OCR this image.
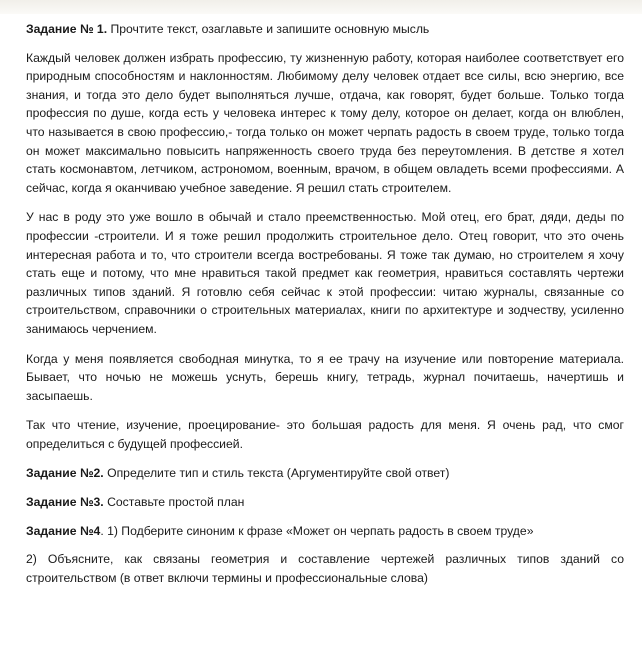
Задание № 1. Прочтите текст, озаглавьте и запишите основную мысль

Каждый человек должен избрать профессию, ту жизненную работу, которая наиболее соответствует его природным способностям и наклонностям. Любимому делу человек отдает все силы, всю энергию, все знания, и тогда это дело будет выполняться лучше, отдача, как говорят, будет больше. Только тогда профессия по душе, когда есть у человека интерес к тому делу, которое он делает, когда он влюблен, что называется в свою профессию,- тогда только он может черпать радость в своем труде, только тогда он может максимально повысить напряженность своего труда без переутомления. В детстве я хотел стать космонавтом, летчиком, астрономом, военным, врачом, в общем овладеть всеми профессиями. А сейчас, когда я оканчиваю учебное заведение. Я решил стать строителем.

У нас в роду это уже вошло в обычай и стало преемственностью. Мой отец, его брат, дяди, деды по профессии -строители. И я тоже решил продолжить строительное дело. Отец говорит, что это очень интересная работа и то, что строители всегда востребованы. Я тоже так думаю, но строителем я хочу стать еще и потому, что мне нравиться такой предмет как геометрия, нравиться составлять чертежи различных типов зданий. Я готовлю себя сейчас к этой профессии: читаю журналы, связанные со строительством, справочники о строительных материалах, книги по архитектуре и зодчеству, усиленно занимаюсь черчением.

Когда у меня появляется свободная минутка, то я ее трачу на изучение или повторение материала. Бывает, что ночью не можешь уснуть, берешь книгу, тетрадь, журнал почитаешь, начертишь и засыпаешь.

Так что чтение, изучение, проецирование- это большая радость для меня. Я очень рад, что смог определиться с будущей профессией.

Задание №2. Определите тип и стиль текста (Аргументируйте свой ответ)

Задание №3. Составьте простой план

Задание №4. 1) Подберите синоним к фразе «Может он черпать радость в своем труде»

2) Объясните, как связаны геометрия и составление чертежей различных типов зданий со строительством (в ответ включи термины и профессиональные слова)
